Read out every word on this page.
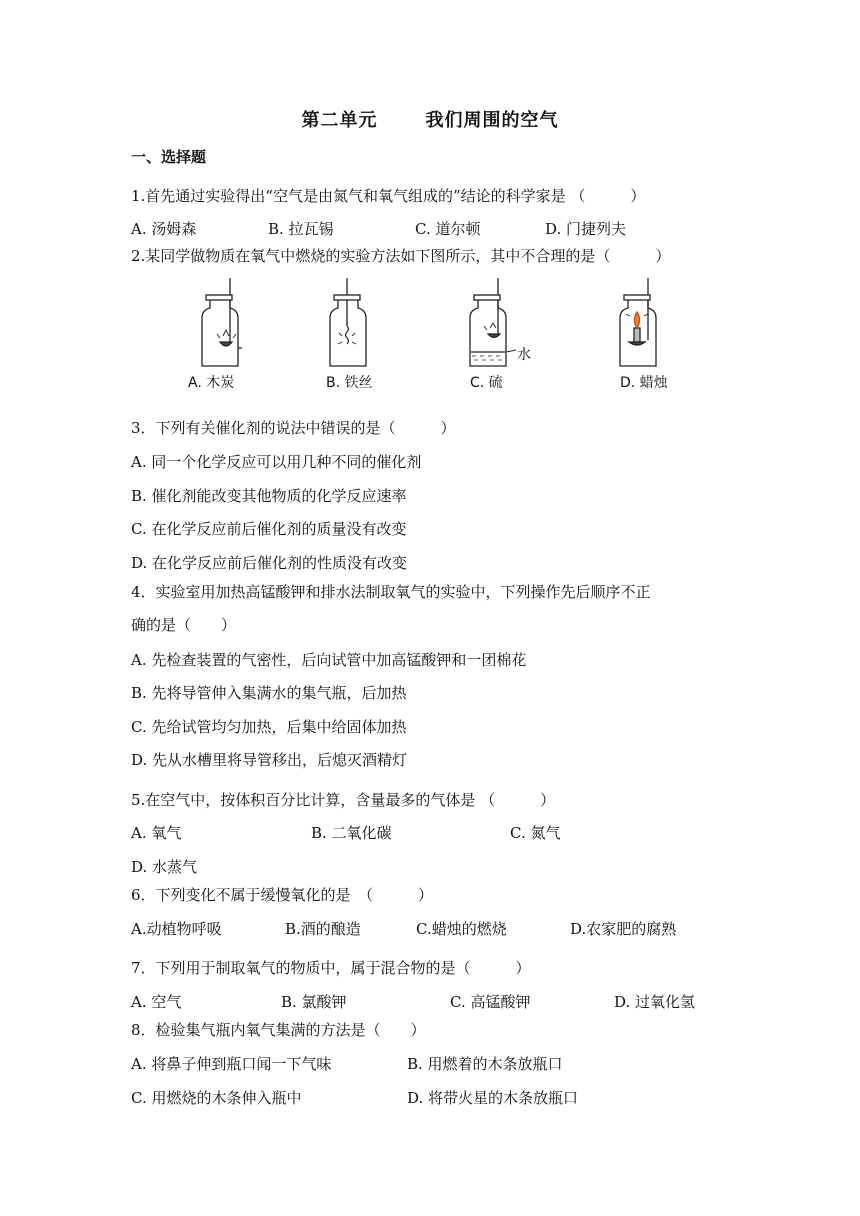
第二单元	我们周围的空气
一、选择题
1.首先通过实验得出“空气是由氮气和氧气组成的”结论的科学家是 （　　　）
A. 汤姆森	B. 拉瓦锡	C. 道尔顿	D. 门捷列夫
2.某同学做物质在氧气中燃烧的实验方法如下图所示，其中不合理的是（　　　）
A. 木炭	B. 铁丝	C. 硫	D. 蜡烛
水
3．下列有关催化剂的说法中错误的是（　　　）
A. 同一个化学反应可以用几种不同的催化剂
B. 催化剂能改变其他物质的化学反应速率
C. 在化学反应前后催化剂的质量没有改变
D. 在化学反应前后催化剂的性质没有改变
4．实验室用加热高锰酸钾和排水法制取氧气的实验中，下列操作先后顺序不正
确的是（　　）
A. 先检查装置的气密性，后向试管中加高锰酸钾和一团棉花
B. 先将导管伸入集满水的集气瓶，后加热
C. 先给试管均匀加热，后集中给固体加热
D. 先从水槽里将导管移出，后熄灭酒精灯
5.在空气中，按体积百分比计算，含量最多的气体是 （　　　）
A. 氧气	B. 二氧化碳	C. 氮气
D. 水蒸气
6．下列变化不属于缓慢氧化的是　（　　　）
A.动植物呼吸	B.酒的酿造	C.蜡烛的燃烧	D.农家肥的腐熟
7．下列用于制取氧气的物质中，属于混合物的是（　　　）
A. 空气	B. 氯酸钾	C. 高锰酸钾	D. 过氧化氢
8．检验集气瓶内氧气集满的方法是（　　）
A. 将鼻子伸到瓶口闻一下气味	B. 用燃着的木条放瓶口
C. 用燃烧的木条伸入瓶中	D. 将带火星的木条放瓶口
